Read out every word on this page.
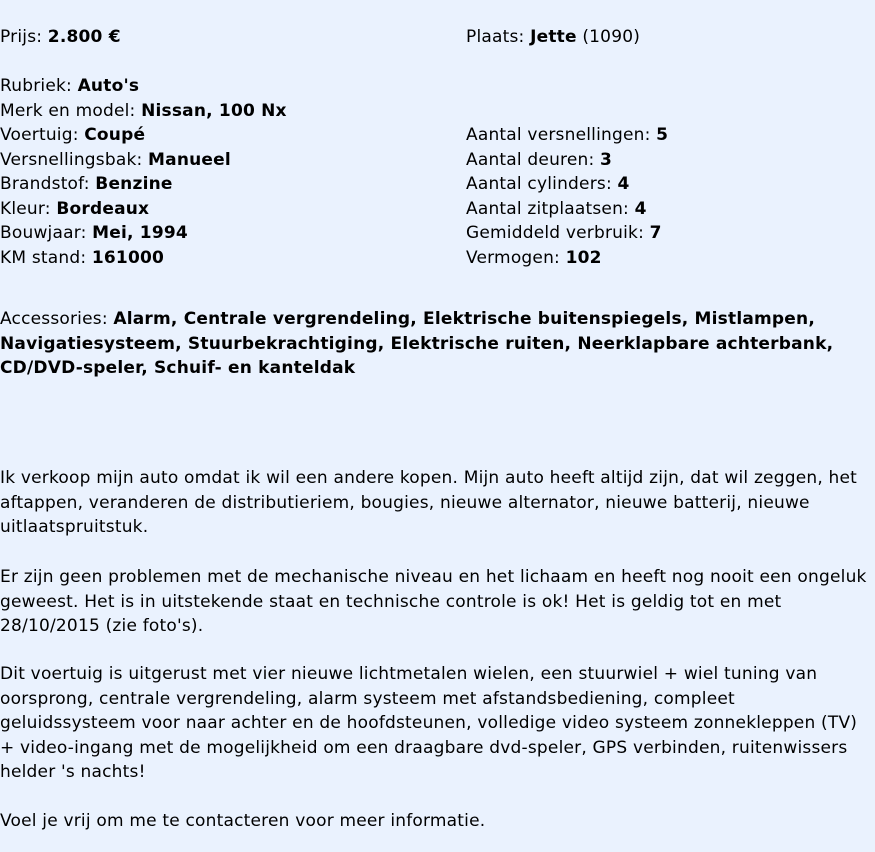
Prijs: 2.800 €	Plaats: Jette (1090)
Rubriek: Auto's
Merk en model: Nissan, 100 Nx
Voertuig: Coupé
Versnellingsbak: Manueel
Brandstof: Benzine
Kleur: Bordeaux
Bouwjaar: Mei, 1994
KM stand: 161000
Aantal versnellingen: 5
Aantal deuren: 3
Aantal cylinders: 4
Aantal zitplaatsen: 4
Gemiddeld verbruik: 7
Vermogen: 102
Accessories: Alarm, Centrale vergrendeling, Elektrische buitenspiegels, Mistlampen, Navigatiesysteem, Stuurbekrachtiging, Elektrische ruiten, Neerklapbare achterbank, CD/DVD-speler, Schuif- en kanteldak

Ik verkoop mijn auto omdat ik wil een andere kopen. Mijn auto heeft altijd zijn, dat wil zeggen, het aftappen, veranderen de distributieriem, bougies, nieuwe alternator, nieuwe batterij, nieuwe uitlaatspruitstuk.

Er zijn geen problemen met de mechanische niveau en het lichaam en heeft nog nooit een ongeluk geweest. Het is in uitstekende staat en technische controle is ok! Het is geldig tot en met 28/10/2015 (zie foto's).

Dit voertuig is uitgerust met vier nieuwe lichtmetalen wielen, een stuurwiel + wiel tuning van oorsprong, centrale vergrendeling, alarm systeem met afstandsbediening, compleet geluidssysteem voor naar achter en de hoofdsteunen, volledige video systeem zonnekleppen (TV) + video-ingang met de mogelijkheid om een draagbare dvd-speler, GPS verbinden, ruitenwissers helder 's nachts!

Voel je vrij om me te contacteren voor meer informatie.
